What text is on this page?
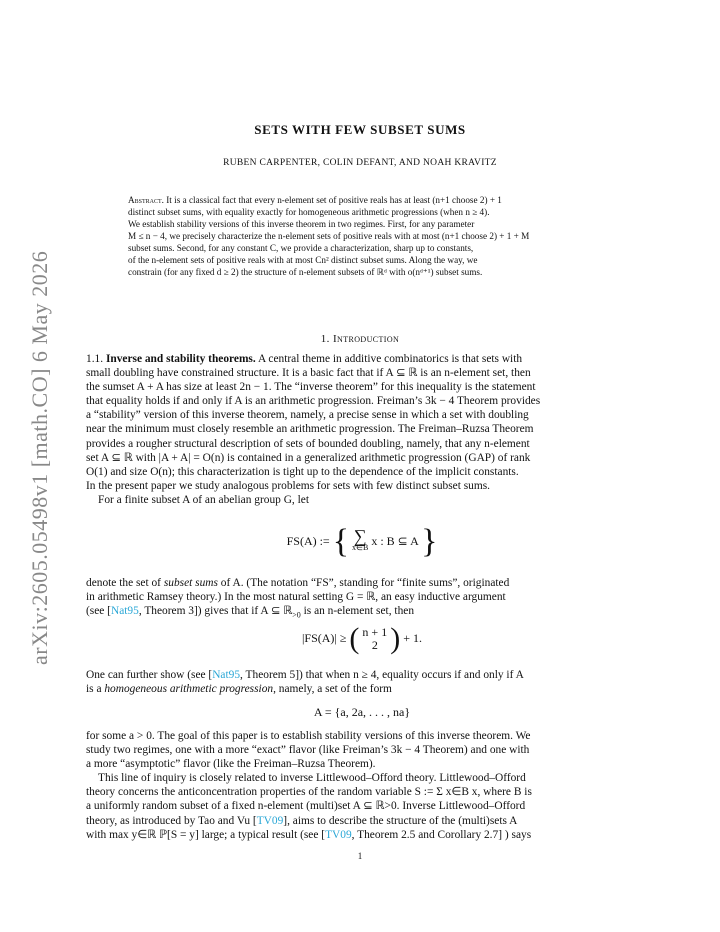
arXiv:2605.05498v1 [math.CO] 6 May 2026
SETS WITH FEW SUBSET SUMS
RUBEN CARPENTER, COLIN DEFANT, AND NOAH KRAVITZ
Abstract. It is a classical fact that every n-element set of positive reals has at least (n+1 choose 2) + 1
distinct subset sums, with equality exactly for homogeneous arithmetic progressions (when n ≥ 4).
We establish stability versions of this inverse theorem in two regimes. First, for any parameter
M ≤ n − 4, we precisely characterize the n-element sets of positive reals with at most (n+1 choose 2) + 1 + M
subset sums. Second, for any constant C, we provide a characterization, sharp up to constants,
of the n-element sets of positive reals with at most Cn² distinct subset sums. Along the way, we
constrain (for any fixed d ≥ 2) the structure of n-element subsets of ℝᵈ with o(nᵈ⁺¹) subset sums.
1. Introduction
1.1. Inverse and stability theorems. A central theme in additive combinatorics is that sets with
small doubling have constrained structure. It is a basic fact that if A ⊆ ℝ is an n-element set, then
the sumset A + A has size at least 2n − 1. The “inverse theorem” for this inequality is the statement
that equality holds if and only if A is an arithmetic progression. Freiman’s 3k − 4 Theorem provides
a “stability” version of this inverse theorem, namely, a precise sense in which a set with doubling
near the minimum must closely resemble an arithmetic progression. The Freiman–Ruzsa Theorem
provides a rougher structural description of sets of bounded doubling, namely, that any n-element
set A ⊆ ℝ with |A + A| = O(n) is contained in a generalized arithmetic progression (GAP) of rank
O(1) and size O(n); this characterization is tight up to the dependence of the implicit constants.
In the present paper we study analogous problems for sets with few distinct subset sums.
For a finite subset A of an abelian group G, let
FS(A) := { ∑
x∈B x : B ⊆ A }
denote the set of subset sums of A. (The notation “FS”, standing for “finite sums”, originated
in arithmetic Ramsey theory.) In the most natural setting G = ℝ, an easy inductive argument
(see [Nat95, Theorem 3]) gives that if A ⊆ ℝ$_{>0}$ is an n-element set, then
|FS(A)| ≥ ( n + 1
2 ) + 1.
One can further show (see [Nat95, Theorem 5]) that when n ≥ 4, equality occurs if and only if A
is a homogeneous arithmetic progression, namely, a set of the form
A = {a, 2a, . . . , na}
for some a > 0. The goal of this paper is to establish stability versions of this inverse theorem. We
study two regimes, one with a more “exact” flavor (like Freiman’s 3k − 4 Theorem) and one with
a more “asymptotic” flavor (like the Freiman–Ruzsa Theorem).
This line of inquiry is closely related to inverse Littlewood–Offord theory. Littlewood–Offord
theory concerns the anticoncentration properties of the random variable S := Σ x∈B x, where B is
a uniformly random subset of a fixed n-element (multi)set A ⊆ ℝ>0. Inverse Littlewood–Offord
theory, as introduced by Tao and Vu [TV09], aims to describe the structure of the (multi)sets A
with max y∈ℝ ℙ[S = y] large; a typical result (see [TV09, Theorem 2.5 and Corollary 2.7] ) says
1
